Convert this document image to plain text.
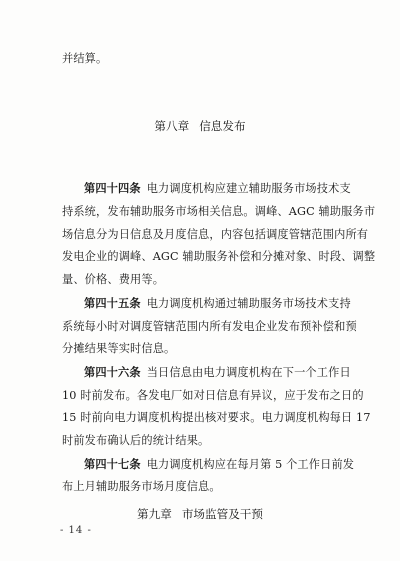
并结算。
第八章 信息发布
第四十四条 电力调度机构应建立辅助服务市场技术支
持系统，发布辅助服务市场相关信息。调峰、AGC 辅助服务市
场信息分为日信息及月度信息，内容包括调度管辖范围内所有
发电企业的调峰、AGC 辅助服务补偿和分摊对象、时段、调整
量、价格、费用等。
第四十五条 电力调度机构通过辅助服务市场技术支持
系统每小时对调度管辖范围内所有发电企业发布预补偿和预
分摊结果等实时信息。
第四十六条 当日信息由电力调度机构在下一个工作日
10 时前发布。各发电厂如对日信息有异议，应于发布之日的
15 时前向电力调度机构提出核对要求。电力调度机构每日 17
时前发布确认后的统计结果。
第四十七条 电力调度机构应在每月第 5 个工作日前发
布上月辅助服务市场月度信息。
第九章 市场监管及干预
- 14 -
